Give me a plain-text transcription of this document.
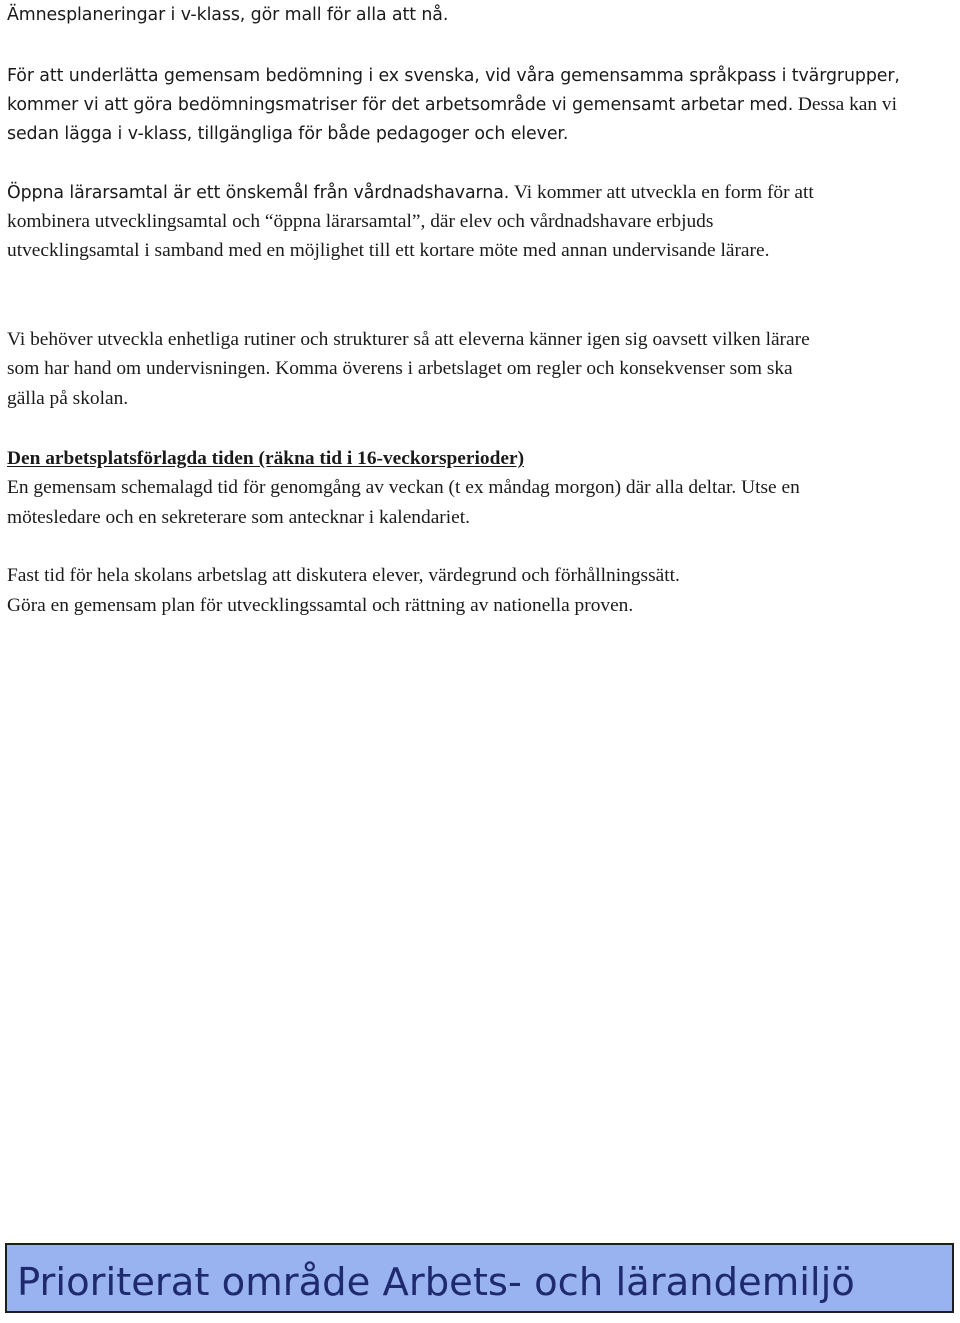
Ämnesplaneringar i v-klass, gör mall för alla att nå.
För att underlätta gemensam bedömning i ex svenska, vid våra gemensamma språkpass i tvärgrupper,
kommer vi att göra bedömningsmatriser för det arbetsområde vi gemensamt arbetar med. Dessa kan vi
sedan lägga i v-klass, tillgängliga för både pedagoger och elever.
Öppna lärarsamtal är ett önskemål från vårdnadshavarna. Vi kommer att utveckla en form för att
kombinera utvecklingsamtal och “öppna lärarsamtal”, där elev och vårdnadshavare erbjuds
utvecklingsamtal i samband med en möjlighet till ett kortare möte med annan undervisande lärare.
Vi behöver utveckla enhetliga rutiner och strukturer så att eleverna känner igen sig oavsett vilken lärare
som har hand om undervisningen. Komma överens i arbetslaget om regler och konsekvenser som ska
gälla på skolan.
Den arbetsplatsförlagda tiden (räkna tid i 16-veckorsperioder)
En gemensam schemalagd tid för genomgång av veckan (t ex måndag morgon) där alla deltar. Utse en
mötesledare och en sekreterare som antecknar i kalendariet.
Fast tid för hela skolans arbetslag att diskutera elever, värdegrund och förhållningssätt.
Göra en gemensam plan för utvecklingssamtal och rättning av nationella proven.
Prioriterat område Arbets- och lärandemiljö
